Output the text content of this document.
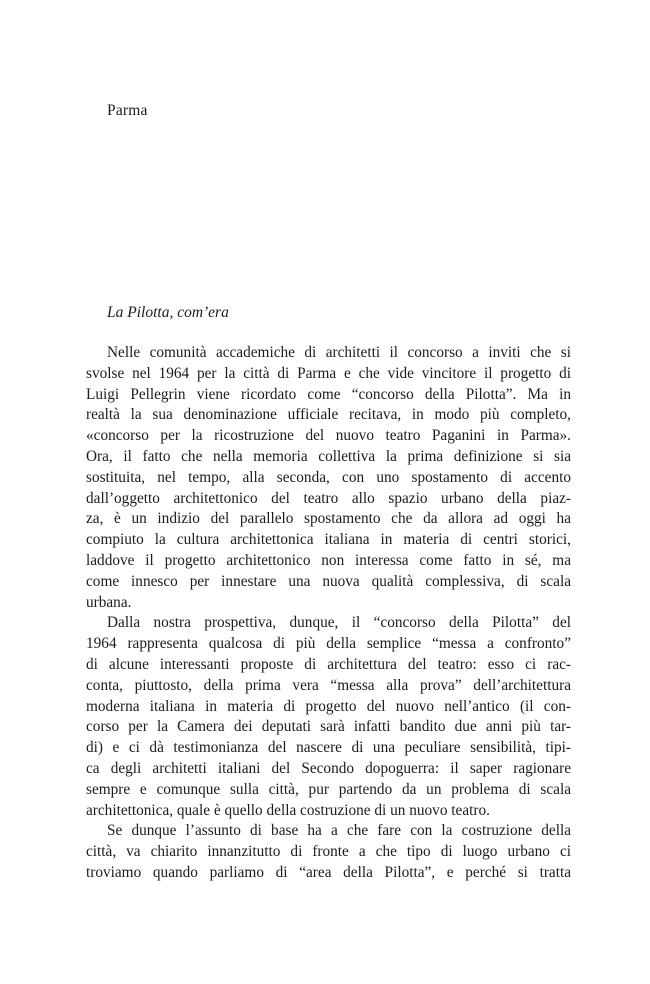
Parma
La Pilotta, com’era

Nelle comunità accademiche di architetti il concorso a inviti che si
svolse nel 1964 per la città di Parma e che vide vincitore il progetto di
Luigi Pellegrin viene ricordato come “concorso della Pilotta”. Ma in
realtà la sua denominazione ufficiale recitava, in modo più completo,
«concorso per la ricostruzione del nuovo teatro Paganini in Parma».
Ora, il fatto che nella memoria collettiva la prima definizione si sia
sostituita, nel tempo, alla seconda, con uno spostamento di accento
dall’oggetto architettonico del teatro allo spazio urbano della piaz-
za, è un indizio del parallelo spostamento che da allora ad oggi ha
compiuto la cultura architettonica italiana in materia di centri storici,
laddove il progetto architettonico non interessa come fatto in sé, ma
come innesco per innestare una nuova qualità complessiva, di scala
urbana.

Dalla nostra prospettiva, dunque, il “concorso della Pilotta” del
1964 rappresenta qualcosa di più della semplice “messa a confronto”
di alcune interessanti proposte di architettura del teatro: esso ci rac-
conta, piuttosto, della prima vera “messa alla prova” dell’architettura
moderna italiana in materia di progetto del nuovo nell’antico (il con-
corso per la Camera dei deputati sarà infatti bandito due anni più tar-
di) e ci dà testimonianza del nascere di una peculiare sensibilità, tipi-
ca degli architetti italiani del Secondo dopoguerra: il saper ragionare
sempre e comunque sulla città, pur partendo da un problema di scala
architettonica, quale è quello della costruzione di un nuovo teatro.

Se dunque l’assunto di base ha a che fare con la costruzione della
città, va chiarito innanzitutto di fronte a che tipo di luogo urbano ci
troviamo quando parliamo di “area della Pilotta”, e perché si tratta
